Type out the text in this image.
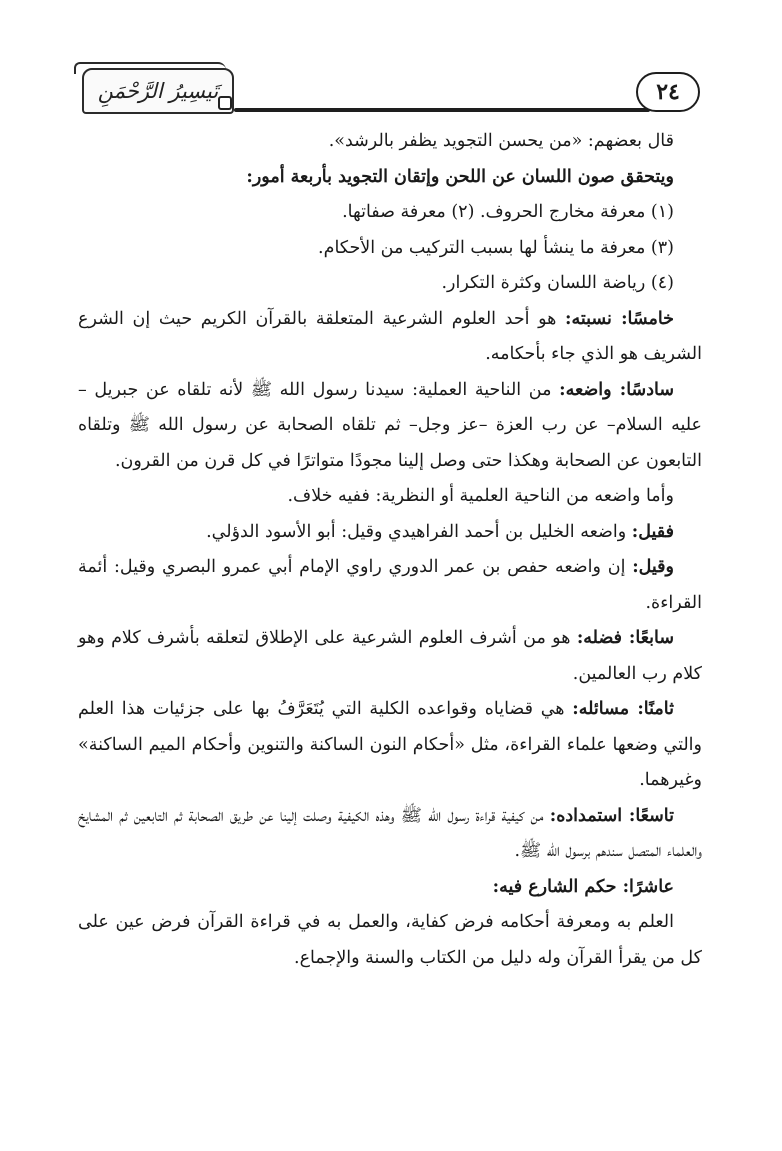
تَيسِيرُ الرَّحْمَنِ	٢٤

قال بعضهم: «من يحسن التجويد يظفر بالرشد».

ويتحقق صون اللسان عن اللحن وإتقان التجويد بأربعة أمور:

(١) معرفة مخارج الحروف. (٢) معرفة صفاتها.

(٣) معرفة ما ينشأ لها بسبب التركيب من الأحكام.

(٤) رياضة اللسان وكثرة التكرار.

خامسًا: نسبته: هو أحد العلوم الشرعية المتعلقة بالقرآن الكريم حيث إن الشرع الشريف هو الذي جاء بأحكامه.

سادسًا: واضعه: من الناحية العملية: سيدنا رسول الله ﷺ لأنه تلقاه عن جبريل –عليه السلام– عن رب العزة –عز وجل– ثم تلقاه الصحابة عن رسول الله ﷺ وتلقاه التابعون عن الصحابة وهكذا حتى وصل إلينا مجودًا متواترًا في كل قرن من القرون.

وأما واضعه من الناحية العلمية أو النظرية: ففيه خلاف.

فقيل: واضعه الخليل بن أحمد الفراهيدي وقيل: أبو الأسود الدؤلي.

وقيل: إن واضعه حفص بن عمر الدوري راوي الإمام أبي عمرو البصري وقيل: أئمة القراءة.

سابعًا: فضله: هو من أشرف العلوم الشرعية على الإطلاق لتعلقه بأشرف كلام وهو كلام رب العالمين.

ثامنًا: مسائله: هي قضاياه وقواعده الكلية التي يُتَعَرَّفُ بها على جزئيات هذا العلم والتي وضعها علماء القراءة، مثل «أحكام النون الساكنة والتنوين وأحكام الميم الساكنة» وغيرهما.

تاسعًا: استمداده: من كيفية قراءة رسول الله ﷺ وهذه الكيفية وصلت إلينا عن طريق الصحابة ثم التابعين ثم المشايخ والعلماء المتصل سندهم برسول الله ﷺ.

عاشرًا: حكم الشارع فيه:

العلم به ومعرفة أحكامه فرض كفاية، والعمل به في قراءة القرآن فرض عين على كل من يقرأ القرآن وله دليل من الكتاب والسنة والإجماع.
